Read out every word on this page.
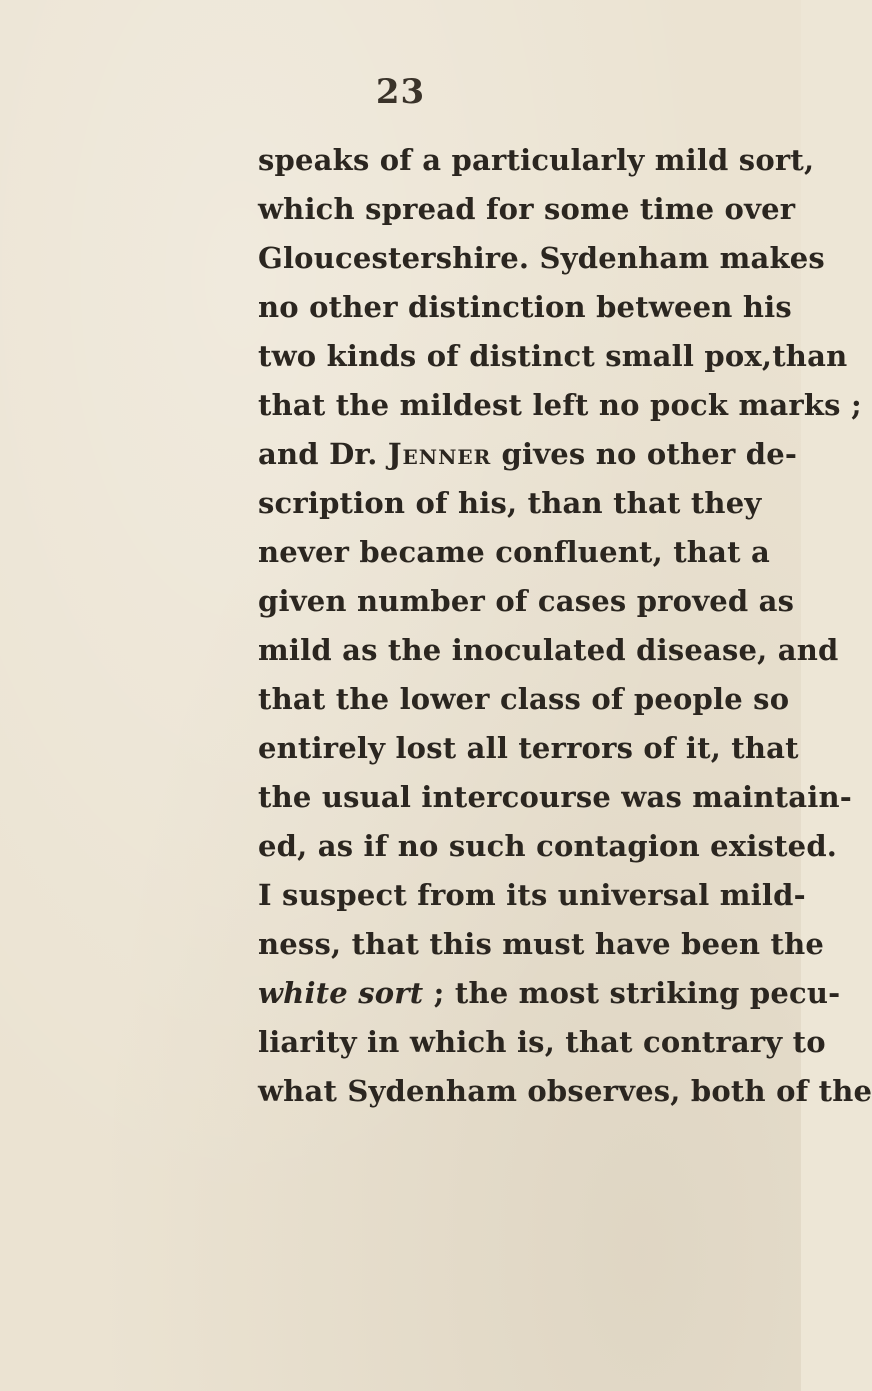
23
speaks of a particularly mild sort,
which spread for some time over
Gloucestershire. Sydenham makes
no other distinction between his
two kinds of distinct small pox,than
that the mildest left no pock marks ;
and Dr. Jenner gives no other de-
scription of his, than that they
never became confluent, that a
given number of cases proved as
mild as the inoculated disease, and
that the lower class of people so
entirely lost all terrors of it, that
the usual intercourse was maintain-
ed, as if no such contagion existed.
I suspect from its universal mild-
ness, that this must have been the
white sort ; the most striking pecu-
liarity in which is, that contrary to
what Sydenham observes, both of the
